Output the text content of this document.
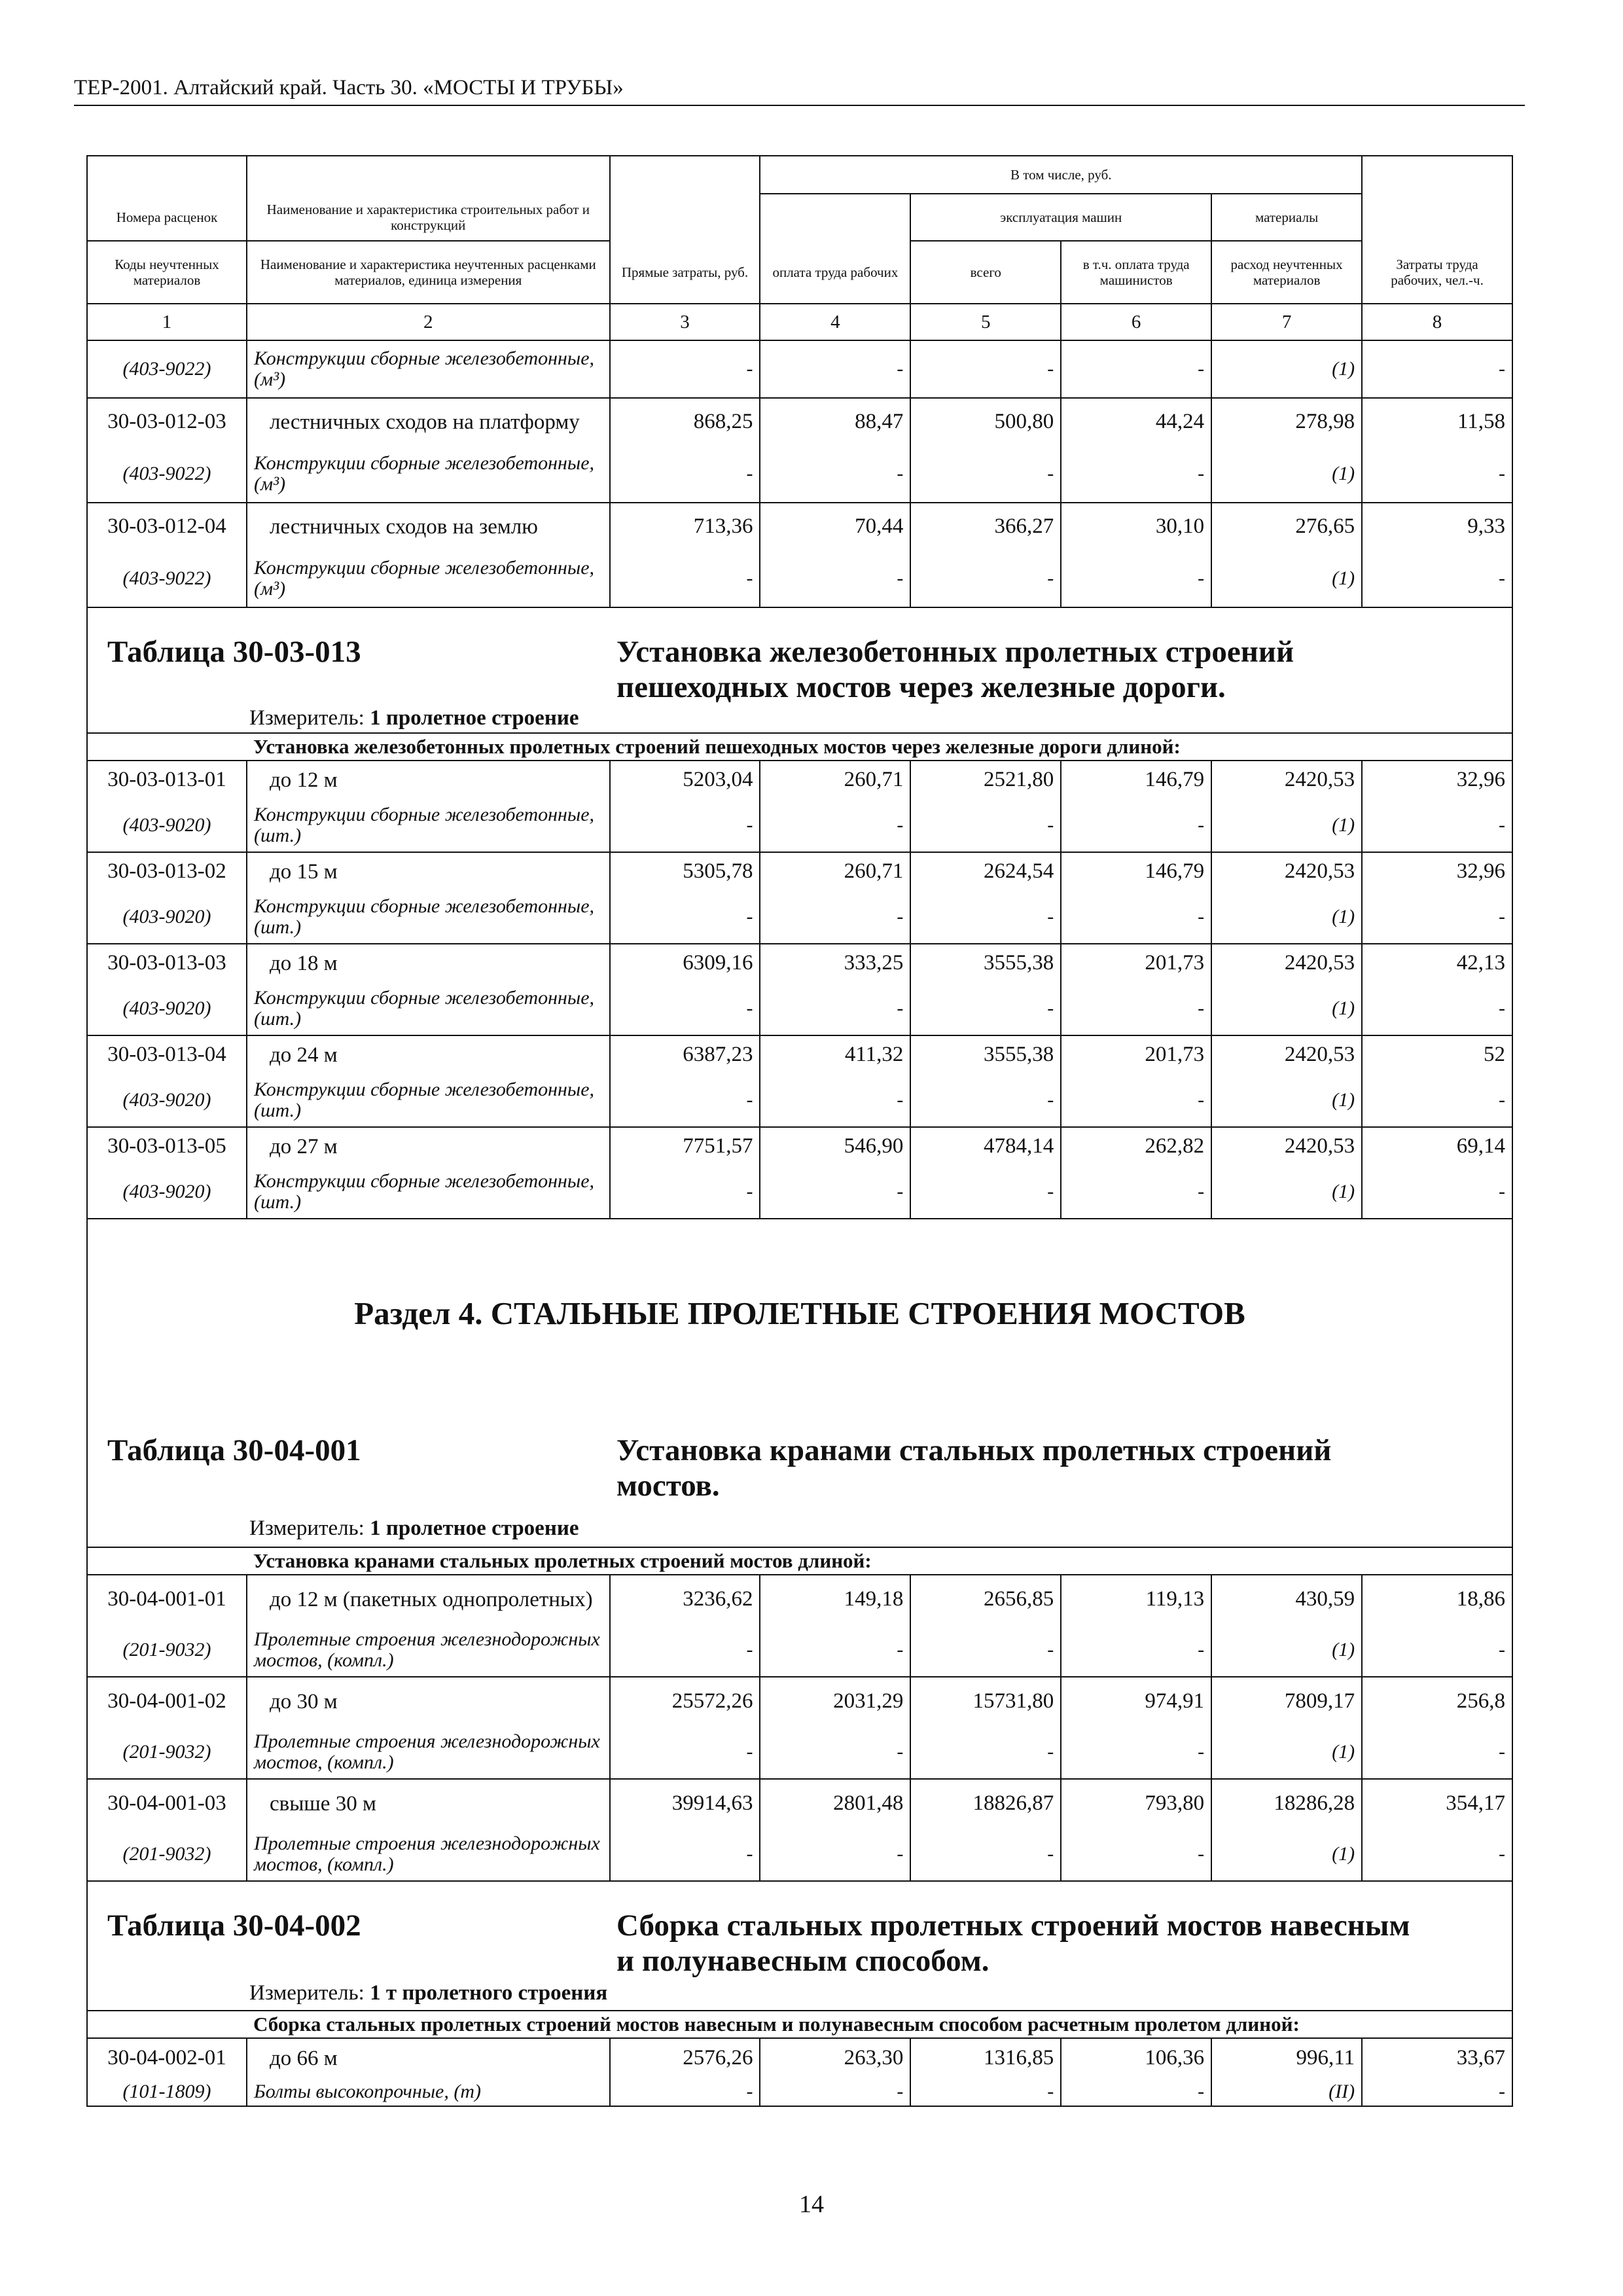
ТЕР-2001. Алтайский край. Часть 30. «МОСТЫ И ТРУБЫ»
			В том числе, руб.				
Номера расценок	Наименование и характеристика строительных работ и конструкций			эксплуатация машин		материалы	
Коды неучтенных материалов	Наименование и характеристика неучтенных расценками материалов, единица измерения	Прямые затраты, руб.	оплата труда рабочих	всего	в т.ч. оплата труда машинистов	расход неучтенных материалов	Затраты труда рабочих, чел.-ч.
1	2	3	4	5	6	7	8
(403-9022)	Конструкции сборные железобетонные, (м³)	-	-	-	-	(1)	-
30-03-012-03	лестничных сходов на платформу	868,25	88,47	500,80	44,24	278,98	11,58
(403-9022)	Конструкции сборные железобетонные, (м³)	-	-	-	-	(1)	-
30-03-012-04	лестничных сходов на землю	713,36	70,44	366,27	30,10	276,65	9,33
(403-9022)	Конструкции сборные железобетонные, (м³)	-	-	-	-	(1)	-

Таблица 30-03-013 Установка железобетонных пролетных строений пешеходных мостов через железные дороги.
Измеритель: 1 пролетное строение							

	Установка железобетонных пролетных строений пешеходных мостов через железные дороги длиной:						
30-03-013-01	до 12 м	5203,04	260,71	2521,80	146,79	2420,53	32,96
(403-9020)	Конструкции сборные железобетонные, (шт.)	-	-	-	-	(1)	-
30-03-013-02	до 15 м	5305,78	260,71	2624,54	146,79	2420,53	32,96
(403-9020)	Конструкции сборные железобетонные, (шт.)	-	-	-	-	(1)	-
30-03-013-03	до 18 м	6309,16	333,25	3555,38	201,73	2420,53	42,13
(403-9020)	Конструкции сборные железобетонные, (шт.)	-	-	-	-	(1)	-
30-03-013-04	до 24 м	6387,23	411,32	3555,38	201,73	2420,53	52
(403-9020)	Конструкции сборные железобетонные, (шт.)	-	-	-	-	(1)	-
30-03-013-05	до 27 м	7751,57	546,90	4784,14	262,82	2420,53	69,14
(403-9020)	Конструкции сборные железобетонные, (шт.)	-	-	-	-	(1)	-

Раздел 4. СТАЛЬНЫЕ ПРОЛЕТНЫЕ СТРОЕНИЯ МОСТОВ							

Таблица 30-04-001 Установка кранами стальных пролетных строений мостов.
Измеритель: 1 пролетное строение							

	Установка кранами стальных пролетных строений мостов длиной:						
30-04-001-01	до 12 м (пакетных однопролетных)	3236,62	149,18	2656,85	119,13	430,59	18,86
(201-9032)	Пролетные строения железнодорожных мостов, (компл.)	-	-	-	-	(1)	-
30-04-001-02	до 30 м	25572,26	2031,29	15731,80	974,91	7809,17	256,8
(201-9032)	Пролетные строения железнодорожных мостов, (компл.)	-	-	-	-	(1)	-
30-04-001-03	свыше 30 м	39914,63	2801,48	18826,87	793,80	18286,28	354,17
(201-9032)	Пролетные строения железнодорожных мостов, (компл.)	-	-	-	-	(1)	-

Таблица 30-04-002 Сборка стальных пролетных строений мостов навесным и полунавесным способом.
Измеритель: 1 т пролетного строения							

	Сборка стальных пролетных строений мостов навесным и полунавесным способом расчетным пролетом длиной:						
30-04-002-01	до 66 м	2576,26	263,30	1316,85	106,36	996,11	33,67
(101-1809)	Болты высокопрочные, (т)	-	-	-	-	(II)	-
14
